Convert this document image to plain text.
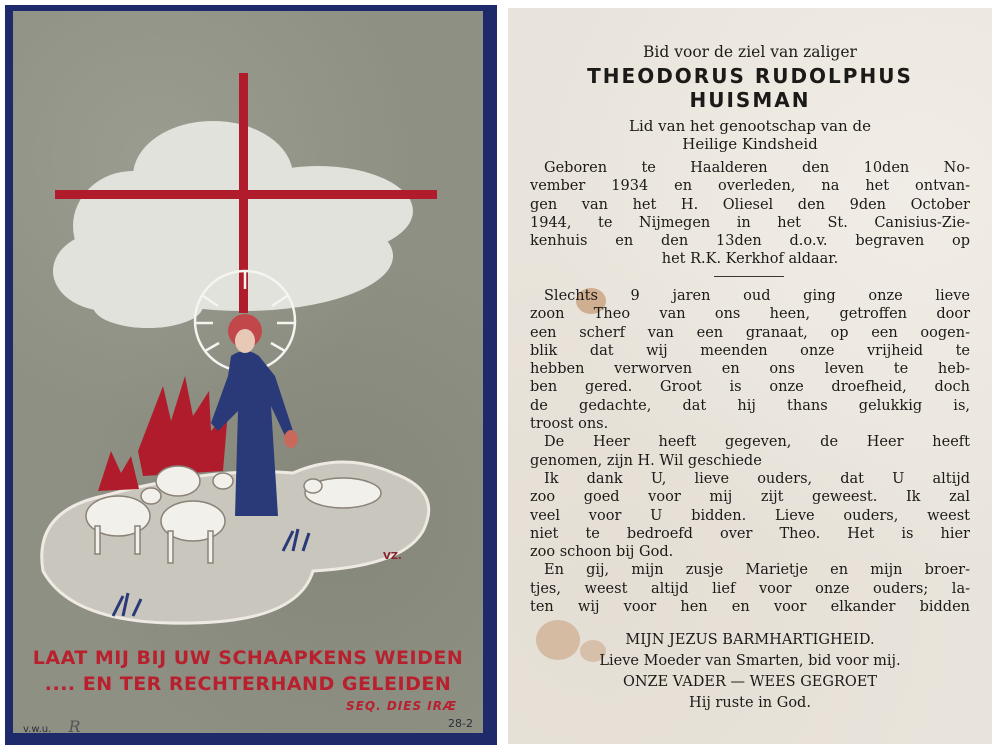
VZ.
LAAT MIJ BIJ UW SCHAAPKENS WEIDEN
.... EN TER RECHTERHAND GELEIDEN
SEQ. DIES IRÆ
v.w.u. R	28-2
Bid voor de ziel van zaliger
THEODORUS RUDOLPHUS
HUISMAN
Lid van het genootschap van de
Heilige Kindsheid
Geboren te Haalderen den 10den No-
vember 1934 en overleden, na het ontvan-
gen van het H. Oliesel den 9den October
1944, te Nijmegen in het St. Canisius-Zie-
kenhuis en den 13den d.o.v. begraven op
het R.K. Kerkhof aldaar.
Slechts 9 jaren oud ging onze lieve
zoon Theo van ons heen, getroffen door
een scherf van een granaat, op een oogen-
blik dat wij meenden onze vrijheid te
hebben verworven en ons leven te heb-
ben gered. Groot is onze droefheid, doch
de gedachte, dat hij thans gelukkig is,
troost ons.
De Heer heeft gegeven, de Heer heeft
genomen, zijn H. Wil geschiede
Ik dank U, lieve ouders, dat U altijd
zoo goed voor mij zijt geweest. Ik zal
veel voor U bidden. Lieve ouders, weest
niet te bedroefd over Theo. Het is hier
zoo schoon bij God.
En gij, mijn zusje Marietje en mijn broer-
tjes, weest altijd lief voor onze ouders; la-
ten wij voor hen en voor elkander bidden
MIJN JEZUS BARMHARTIGHEID.
Lieve Moeder van Smarten, bid voor mij.
ONZE VADER — WEES GEGROET
Hij ruste in God.
